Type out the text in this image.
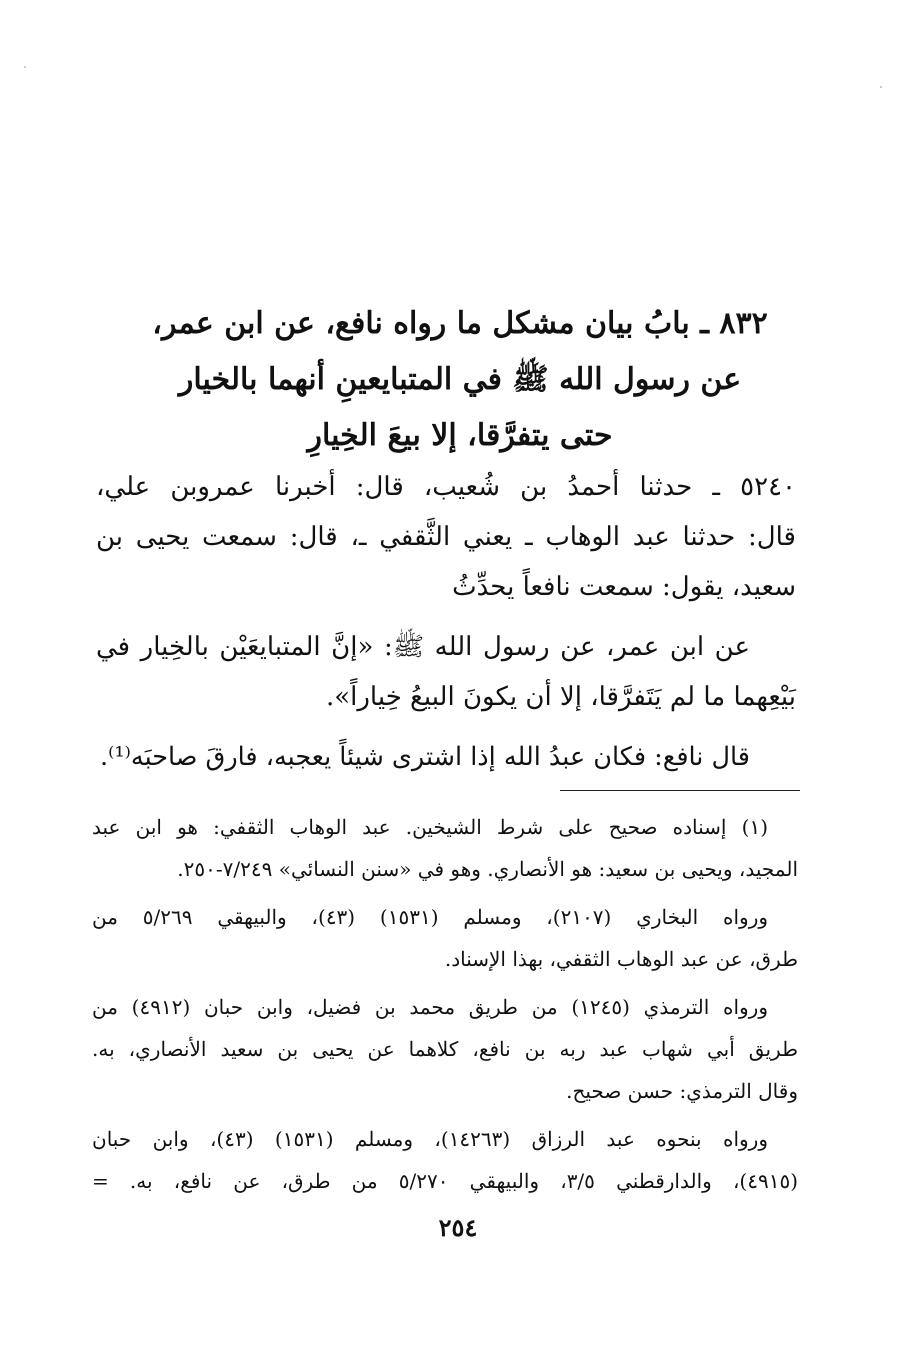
٨٣٢ ـ بابُ بيان مشكل ما رواه نافع، عن ابن عمر،
عن رسول الله ﷺ في المتبايعينِ أنهما بالخيار
حتى يتفرَّقا، إلا بيعَ الخِيارِ
٥٢٤٠ ـ حدثنا أحمدُ بن شُعيب، قال: أخبرنا عمروبن علي،
قال: حدثنا عبد الوهاب ـ يعني الثَّقفي ـ، قال: سمعت يحيى بن
سعيد، يقول: سمعت نافعاً يحدِّثُ
عن ابن عمر، عن رسول الله ﷺ: «إنَّ المتبايعَيْن بالخِيار في
بَيْعِهما ما لم يَتَفرَّقا، إلا أن يكونَ البيعُ خِياراً».
قال نافع: فكان عبدُ الله إذا اشترى شيئاً يعجبه، فارقَ صاحبَه⁽¹⁾.
(١) إسناده صحيح على شرط الشيخين. عبد الوهاب الثقفي: هو ابن عبد
المجيد، ويحيى بن سعيد: هو الأنصاري. وهو في «سنن النسائي» ٧/٢٤٩-٢٥٠.
ورواه البخاري (٢١٠٧)، ومسلم (١٥٣١) (٤٣)، والبيهقي ٥/٢٦٩ من
طرق، عن عبد الوهاب الثقفي، بهذا الإسناد.
ورواه الترمذي (١٢٤٥) من طريق محمد بن فضيل، وابن حبان (٤٩١٢) من
طريق أبي شهاب عبد ربه بن نافع، كلاهما عن يحيى بن سعيد الأنصاري، به.
وقال الترمذي: حسن صحيح.
ورواه بنحوه عبد الرزاق (١٤٢٦٣)، ومسلم (١٥٣١) (٤٣)، وابن حبان
(٤٩١٥)، والدارقطني ٣/٥، والبيهقي ٥/٢٧٠ من طرق، عن نافع، به. =
٢٥٤
